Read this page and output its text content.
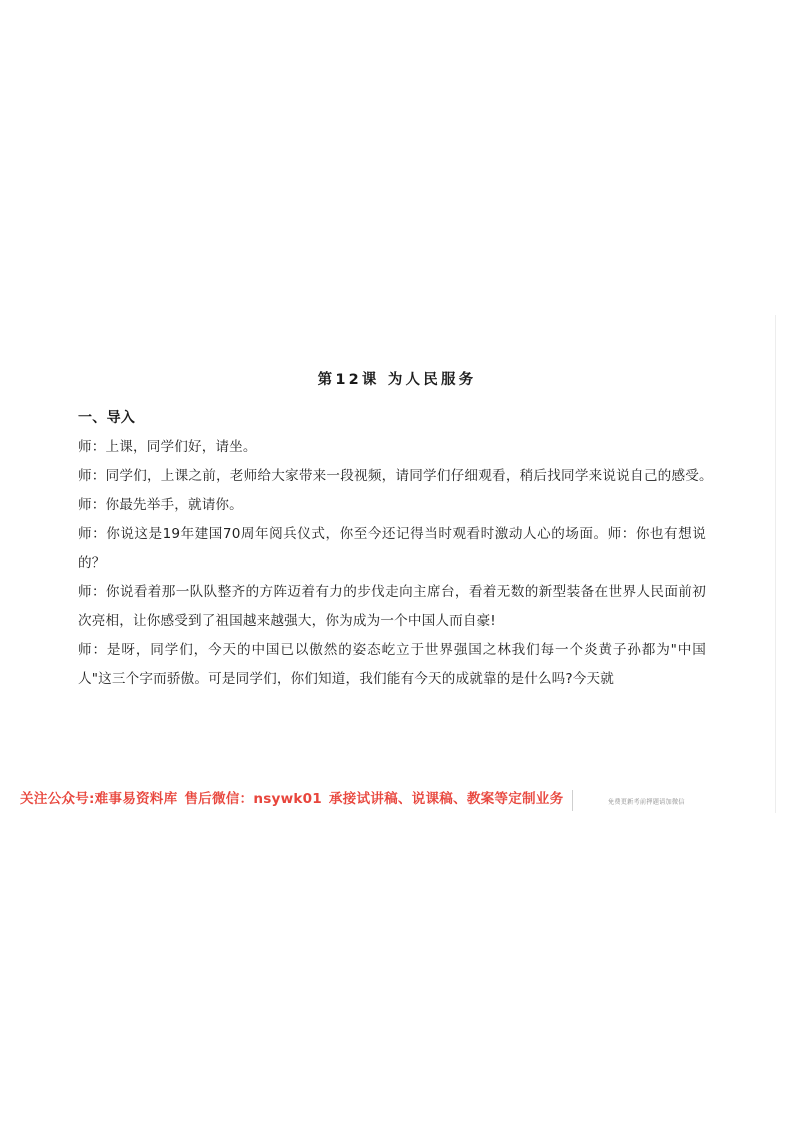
第12课 为人民服务

一、导入

师：上课，同学们好，请坐。

师：同学们，上课之前，老师给大家带来一段视频，请同学们仔细观看，稍后找同学来说说自己的感受。　 师：你最先举手，就请你。

师：你说这是19年建国70周年阅兵仪式，你至今还记得当时观看时激动人心的场面。师：你也有想说的？

师：你说看着那一队队整齐的方阵迈着有力的步伐走向主席台，看着无数的新型装备在世界人民面前初次亮相，让你感受到了祖国越来越强大，你为成为一个中国人而自豪!

师：是呀，同学们，今天的中国已以傲然的姿态屹立于世界强国之林我们每一个炎黄子孙都为"中国人"这三个字而骄傲。可是同学们，你们知道，我们能有今天的成就靠的是什么吗?今天就

关注公众号:难事易资料库 售后微信：nsywk01 承接试讲稿、说课稿、教案等定制业务	免费更新考前押题请加微信
